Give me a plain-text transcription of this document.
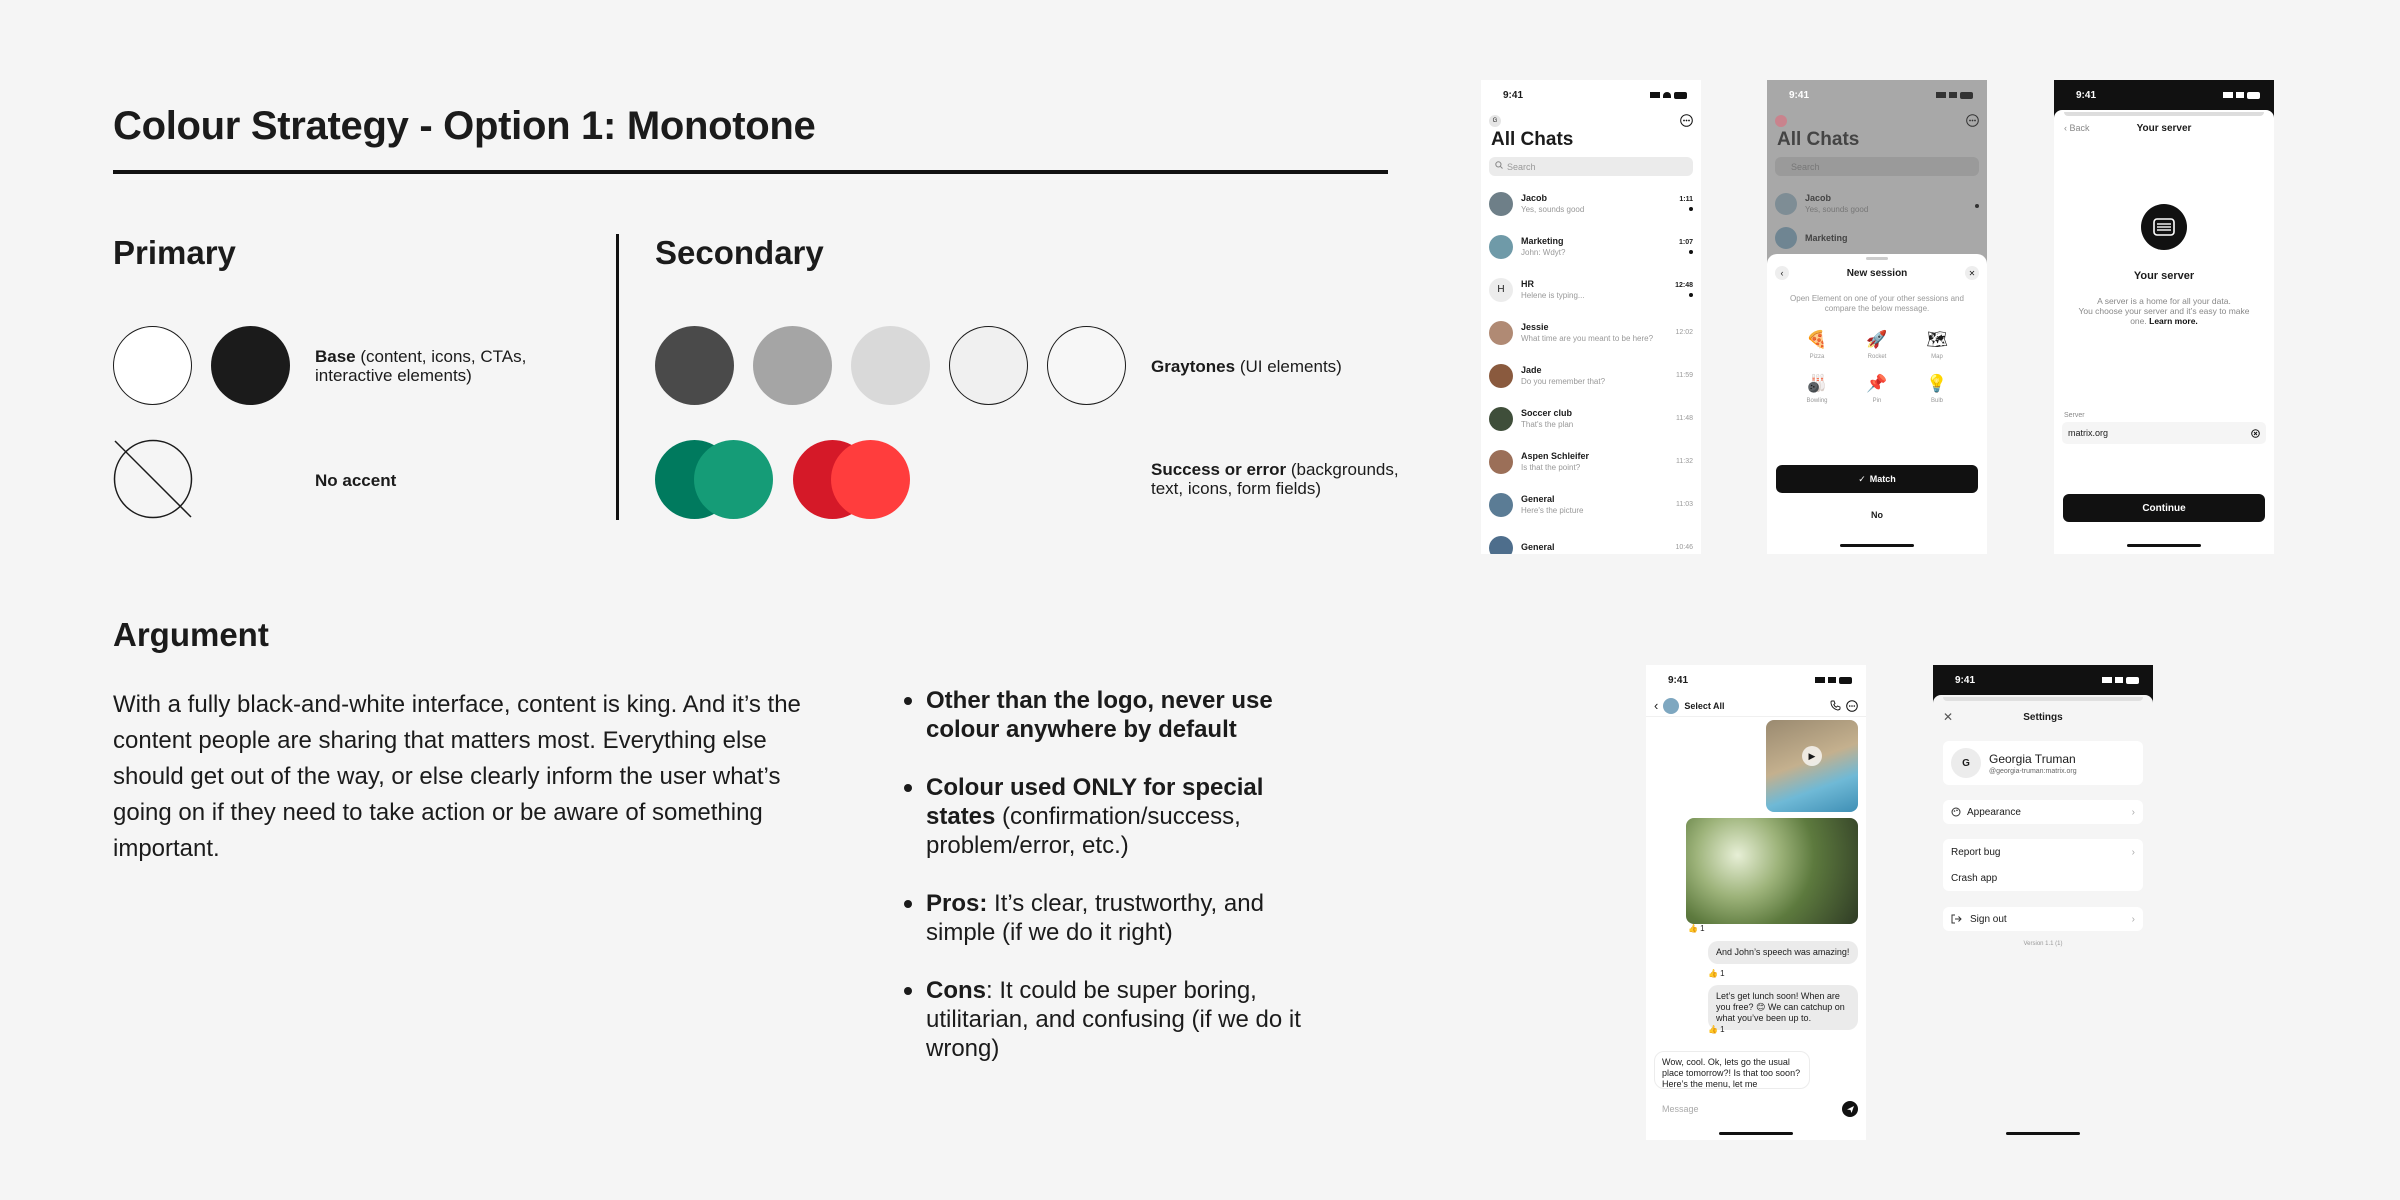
Colour Strategy - Option 1: Monotone
Primary
Base (content, icons, CTAs, interactive elements)
No accent
Secondary
Graytones (UI elements)
Success or error (backgrounds, text, icons, form fields)
Argument
With a fully black-and-white interface, content is king. And it’s the content people are sharing that matters most. Everything else should get out of the way, or else clearly inform the user what’s going on if they need to take action or be aware of something important.
Other than the logo, never use colour anywhere by default
Colour used ONLY for special states (confirmation/success, problem/error, etc.)
Pros: It’s clear, trustworthy, and simple (if we do it right)
Cons: It could be super boring, utilitarian, and confusing (if we do it wrong)
9:41
G
All Chats
Search
Jacob
Yes, sounds good
1:11
Marketing
John: Wdyt?
1:07
H	HR
Helene is typing...
12:48
Jessie
What time are you meant to be here?
12:02
Jade
Do you remember that?
11:59
Soccer club
That's the plan
11:48
Aspen Schleifer
Is that the point?
11:32
General
Here's the picture
11:03
General	10:46
9:41
All Chats
Search
Jacob
Yes, sounds good
Marketing
‹	New session	✕
Open Element on one of your other sessions and compare the below message.
🍕
Pizza
🚀
Rocket
🗺
Map
🎳
Bowling
📌
Pin
💡
Bulb
✓ Match
No
9:41
‹ Back	Your server
Your server
A server is a home for all your data.
You choose your server and it’s easy to make one. Learn more.
Server
matrix.org
Continue
9:41
‹	Select All
▶
👍 1
And John’s speech was amazing!
👍 1
Let’s get lunch soon! When are you free? 😊 We can catchup on what you’ve been up to.
👍 1
Wow, cool. Ok, lets go the usual place tomorrow?! Is that too soon? Here’s the menu, let me
Message
9:41
✕	Settings
G	Georgia Truman
@georgia-truman:matrix.org
Appearance	›
Report bug	›
Crash app
Sign out	›
Version 1.1 (1)
